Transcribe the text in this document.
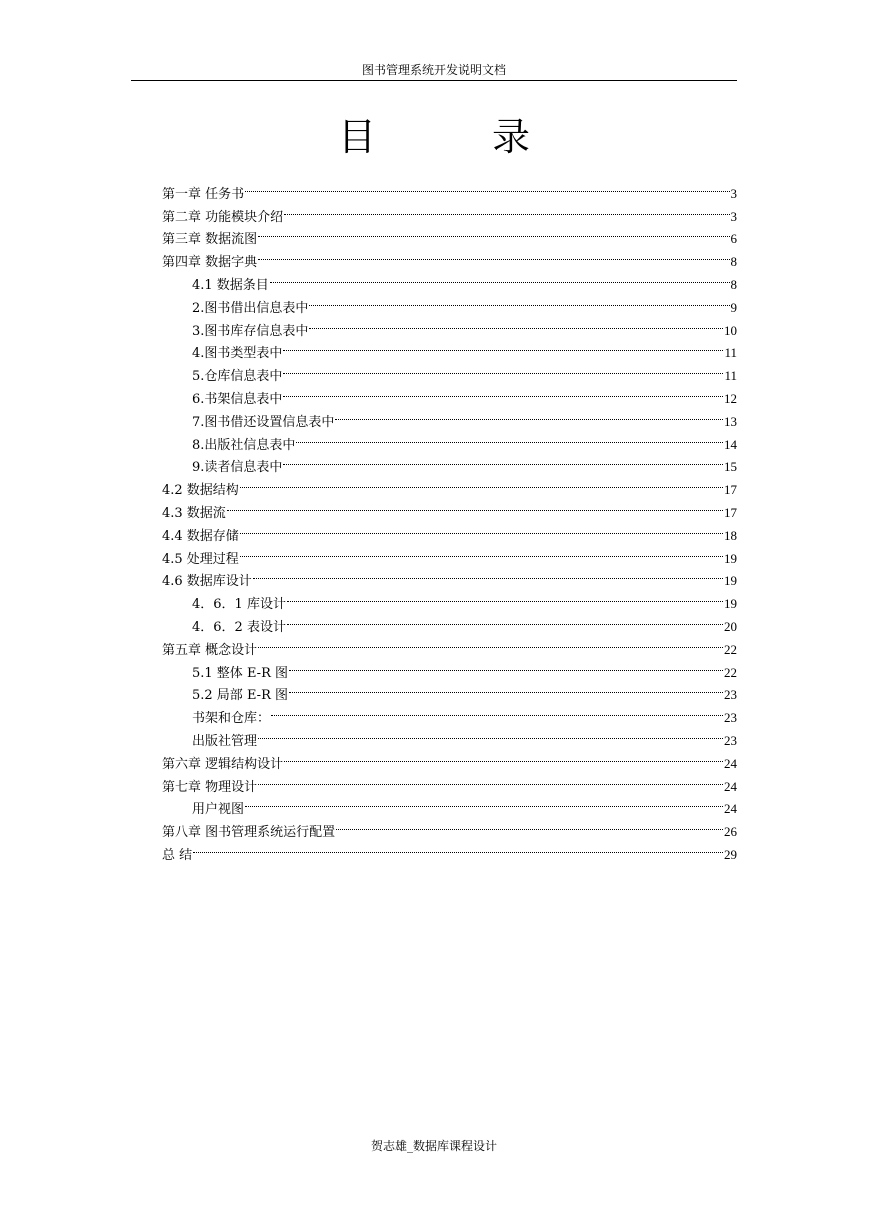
图书管理系统开发说明文档
目 录
第一章 任务书	3
第二章 功能模块介绍	3
第三章 数据流图	6
第四章 数据字典	8
4.1 数据条目	8
2.图书借出信息表中	9
3.图书库存信息表中	10
4.图书类型表中	11
5.仓库信息表中	11
6.书架信息表中	12
7.图书借还设置信息表中	13
8.出版社信息表中	14
9.读者信息表中	15
4.2 数据结构	17
4.3 数据流	17
4.4 数据存储	18
4.5 处理过程	19
4.6 数据库设计	19
4．6．1 库设计	19
4．6．2 表设计	20
第五章 概念设计	22
5.1 整体 E-R 图	22
5.2 局部 E-R 图	23
书架和仓库：	23
出版社管理	23
第六章 逻辑结构设计	24
第七章 物理设计	24
用户视图	24
第八章 图书管理系统运行配置	26
总 结	29
贺志雄_数据库课程设计
